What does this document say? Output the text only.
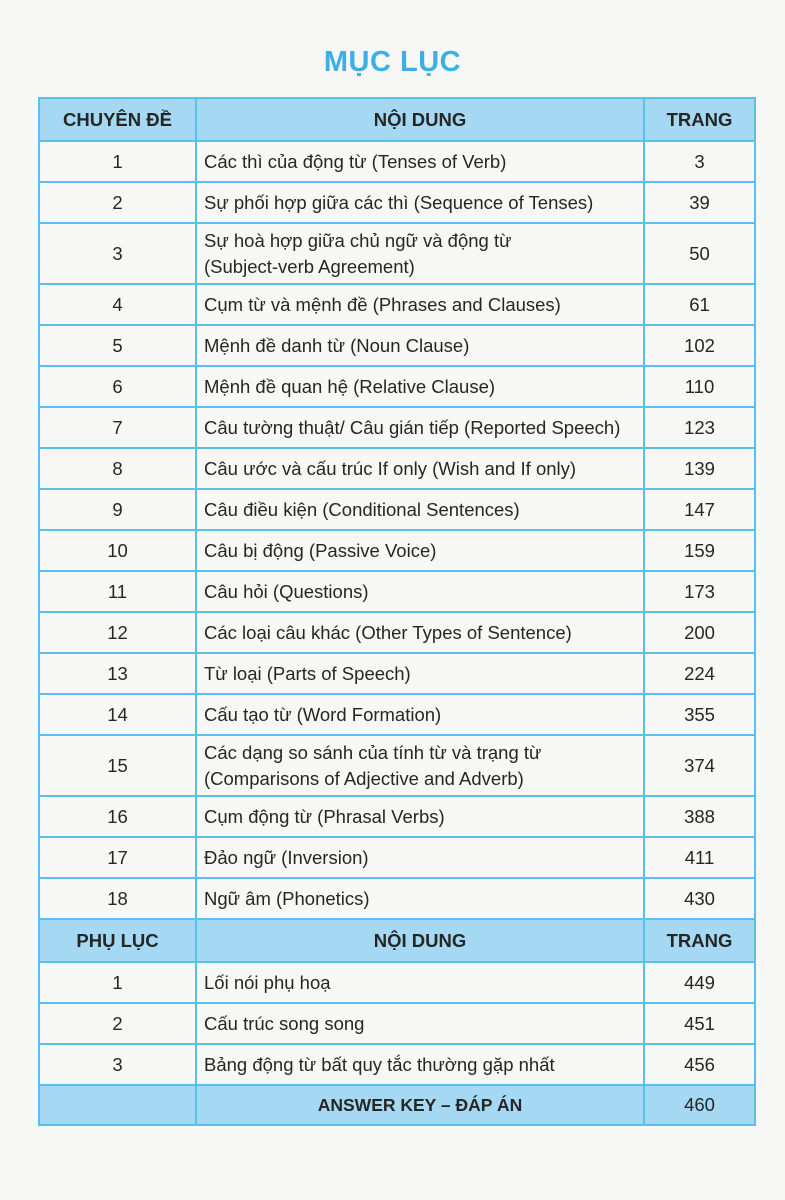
MỤC LỤC
CHUYÊN ĐỀ	NỘI DUNG	TRANG
1	Các thì của động từ (Tenses of Verb)	3
2	Sự phối hợp giữa các thì (Sequence of Tenses)	39
3	Sự hoà hợp giữa chủ ngữ và động từ
(Subject-verb Agreement)	50
4	Cụm từ và mệnh đề (Phrases and Clauses)	61
5	Mệnh đề danh từ (Noun Clause)	102
6	Mệnh đề quan hệ (Relative Clause)	110
7	Câu tường thuật/ Câu gián tiếp (Reported Speech)	123
8	Câu ước và cấu trúc If only (Wish and If only)	139
9	Câu điều kiện (Conditional Sentences)	147
10	Câu bị động (Passive Voice)	159
11	Câu hỏi (Questions)	173
12	Các loại câu khác (Other Types of Sentence)	200
13	Từ loại (Parts of Speech)	224
14	Cấu tạo từ (Word Formation)	355
15	Các dạng so sánh của tính từ và trạng từ
(Comparisons of Adjective and Adverb)	374
16	Cụm động từ (Phrasal Verbs)	388
17	Đảo ngữ (Inversion)	411
18	Ngữ âm (Phonetics)	430
PHỤ LỤC	NỘI DUNG	TRANG
1	Lối nói phụ hoạ	449
2	Cấu trúc song song	451
3	Bảng động từ bất quy tắc thường gặp nhất	456
	ANSWER KEY – ĐÁP ÁN	460
